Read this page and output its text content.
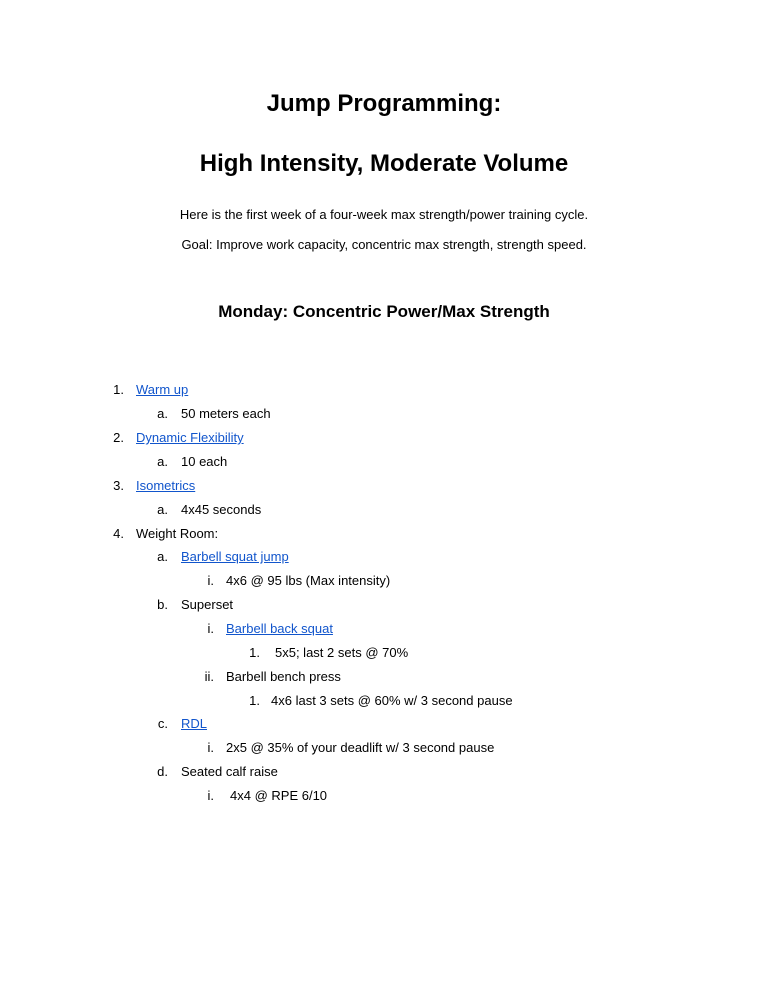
Jump Programming:
High Intensity, Moderate Volume
Here is the first week of a four-week max strength/power training cycle.
Goal: Improve work capacity, concentric max strength, strength speed.
Monday: Concentric Power/Max Strength
1. Warm up
a. 50 meters each
2. Dynamic Flexibility
a. 10 each
3. Isometrics
a. 4x45 seconds
4. Weight Room:
a. Barbell squat jump
i. 4x6 @ 95 lbs (Max intensity)
b. Superset
i. Barbell back squat
1. 5x5; last 2 sets @ 70%
ii. Barbell bench press
1. 4x6 last 3 sets @ 60% w/ 3 second pause
c. RDL
i. 2x5 @ 35% of your deadlift w/ 3 second pause
d. Seated calf raise
i. 4x4 @ RPE 6/10
